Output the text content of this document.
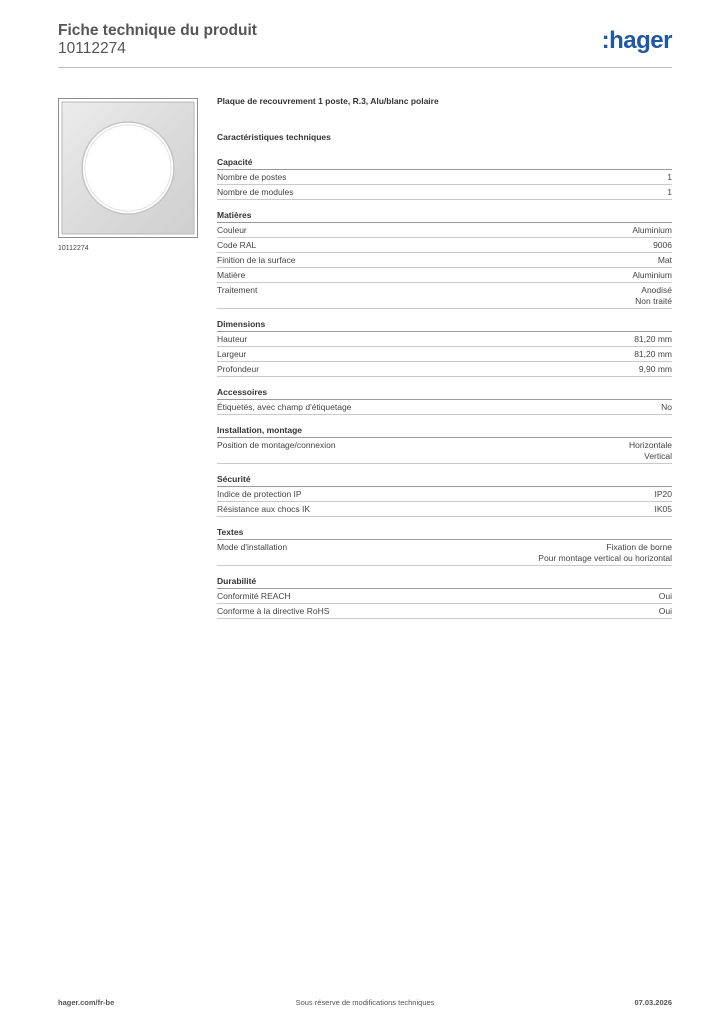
Fiche technique du produit
10112274	:hager
10112274
Plaque de recouvrement 1 poste, R.3, Alu/blanc polaire
Caractéristiques techniques
Capacité
Nombre de postes	1
Nombre de modules	1
Matières
Couleur	Aluminium
Code RAL	9006
Finition de la surface	Mat
Matière	Aluminium
Traitement	Anodisé
Non traité
Dimensions
Hauteur	81,20 mm
Largeur	81,20 mm
Profondeur	9,90 mm
Accessoires
Étiquetés, avec champ d'étiquetage	No
Installation, montage
Position de montage/connexion	Horizontale
Vertical
Sécurité
Indice de protection IP	IP20
Résistance aux chocs IK	IK05
Textes
Mode d'installation	Fixation de borne
Pour montage vertical ou horizontal
Durabilité
Conformité REACH	Oui
Conforme à la directive RoHS	Oui
hager.com/fr-be	Sous réserve de modifications techniques	07.03.2026
